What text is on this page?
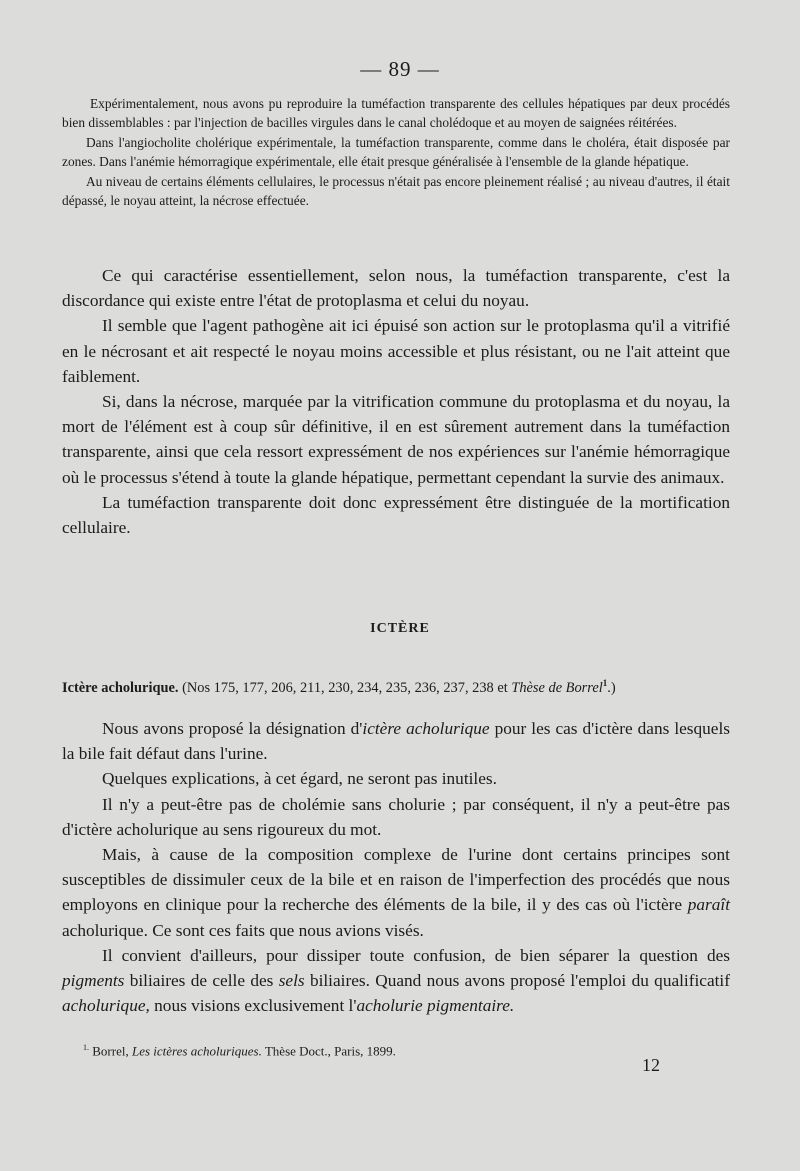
— 89 —

Expérimentalement, nous avons pu reproduire la tuméfaction transparente des cellules hépatiques par deux procédés bien dissemblables : par l'injection de bacilles virgules dans le canal cholédoque et au moyen de saignées réitérées.

Dans l'angiocholite cholérique expérimentale, la tuméfaction transparente, comme dans le choléra, était disposée par zones. Dans l'anémie hémorragique expérimentale, elle était presque généralisée à l'ensemble de la glande hépatique.

Au niveau de certains éléments cellulaires, le processus n'était pas encore pleinement réalisé ; au niveau d'autres, il était dépassé, le noyau atteint, la nécrose effectuée.

Ce qui caractérise essentiellement, selon nous, la tuméfaction transparente, c'est la discordance qui existe entre l'état de protoplasma et celui du noyau.

Il semble que l'agent pathogène ait ici épuisé son action sur le protoplasma qu'il a vitrifié en le nécrosant et ait respecté le noyau moins accessible et plus résistant, ou ne l'ait atteint que faiblement.

Si, dans la nécrose, marquée par la vitrification commune du protoplasma et du noyau, la mort de l'élément est à coup sûr définitive, il en est sûrement autrement dans la tuméfaction transparente, ainsi que cela ressort expressément de nos expériences sur l'anémie hémorragique où le processus s'étend à toute la glande hépatique, permettant cependant la survie des animaux.

La tuméfaction transparente doit donc expressément être distinguée de la mortification cellulaire.

ICTÈRE
Ictère acholurique. (Nos 175, 177, 206, 211, 230, 234, 235, 236, 237, 238 et Thèse de Borrel$^1$.)

Nous avons proposé la désignation d'ictère acholurique pour les cas d'ictère dans lesquels la bile fait défaut dans l'urine.

Quelques explications, à cet égard, ne seront pas inutiles.

Il n'y a peut-être pas de cholémie sans cholurie ; par conséquent, il n'y a peut-être pas d'ictère acholurique au sens rigoureux du mot.

Mais, à cause de la composition complexe de l'urine dont certains principes sont susceptibles de dissimuler ceux de la bile et en raison de l'imperfection des procédés que nous employons en clinique pour la recherche des éléments de la bile, il y des cas où l'ictère paraît acholurique. Ce sont ces faits que nous avions visés.

Il convient d'ailleurs, pour dissiper toute confusion, de bien séparer la question des pigments biliaires de celle des sels biliaires. Quand nous avons proposé l'emploi du qualificatif acholurique, nous visions exclusivement l'acholurie pigmentaire.

$^{1.}$ Borrel, Les ictères acholuriques. Thèse Doct., Paris, 1899.
12
